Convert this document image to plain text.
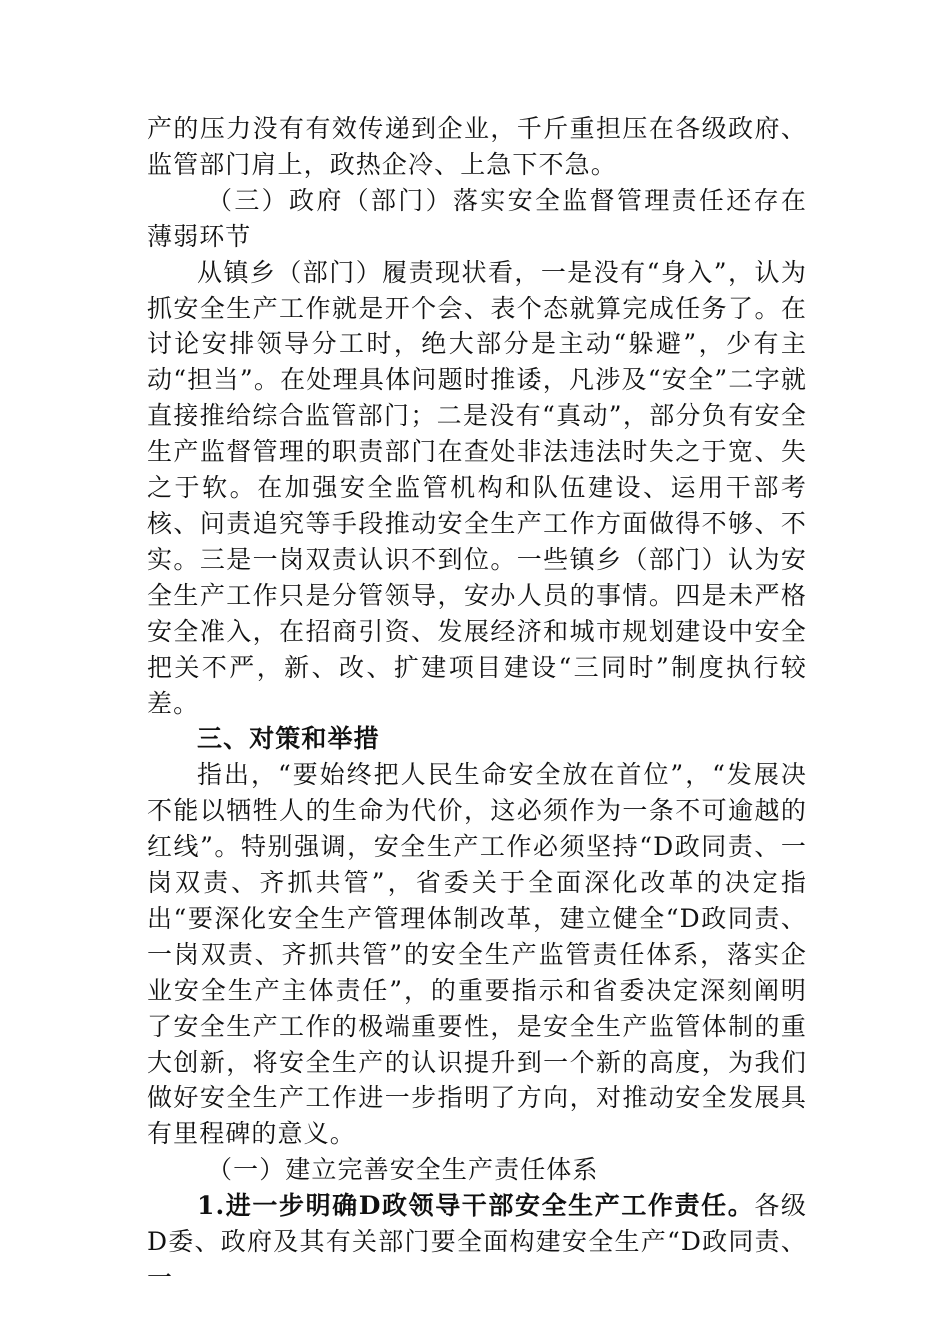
产的压力没有有效传递到企业，千斤重担压在各级政府、监管部门肩上，政热企冷、上急下不急。

（三）政府（部门）落实安全监督管理责任还存在薄弱环节

从镇乡（部门）履责现状看，一是没有“身入”，认为抓安全生产工作就是开个会、表个态就算完成任务了。在讨论安排领导分工时，绝大部分是主动“躲避”，少有主动“担当”。在处理具体问题时推诿，凡涉及“安全”二字就直接推给综合监管部门；二是没有“真动”，部分负有安全生产监督管理的职责部门在查处非法违法时失之于宽、失之于软。在加强安全监管机构和队伍建设、运用干部考核、问责追究等手段推动安全生产工作方面做得不够、不实。三是一岗双责认识不到位。一些镇乡（部门）认为安全生产工作只是分管领导，安办人员的事情。四是未严格安全准入，在招商引资、发展经济和城市规划建设中安全把关不严，新、改、扩建项目建设“三同时”制度执行较差。

三、对策和举措

指出，“要始终把人民生命安全放在首位”，“发展决不能以牺牲人的生命为代价，这必须作为一条不可逾越的红线”。特别强调，安全生产工作必须坚持“D政同责、一岗双责、齐抓共管”，省委关于全面深化改革的决定指出“要深化安全生产管理体制改革，建立健全“D政同责、一岗双责、齐抓共管”的安全生产监管责任体系，落实企业安全生产主体责任”，的重要指示和省委决定深刻阐明了安全生产工作的极端重要性，是安全生产监管体制的重大创新，将安全生产的认识提升到一个新的高度，为我们做好安全生产工作进一步指明了方向，对推动安全发展具有里程碑的意义。

（一）建立完善安全生产责任体系

1.进一步明确D政领导干部安全生产工作责任。各级D委、政府及其有关部门要全面构建安全生产“D政同责、一
